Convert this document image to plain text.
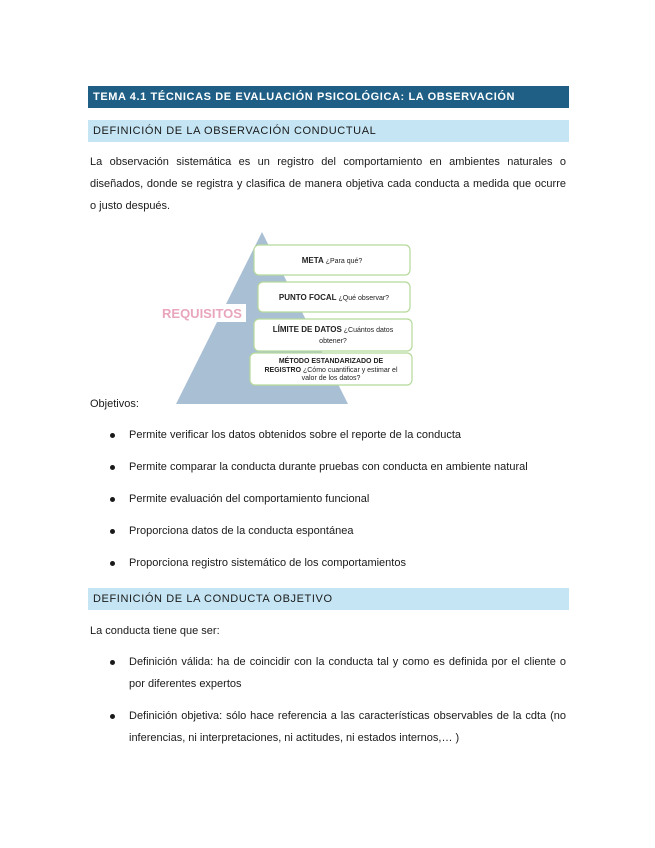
TEMA 4.1 TÉCNICAS DE EVALUACIÓN PSICOLÓGICA: LA OBSERVACIÓN
DEFINICIÓN DE LA OBSERVACIÓN CONDUCTUAL

La observación sistemática es un registro del comportamiento en ambientes naturales o diseñados, donde se registra y clasifica de manera objetiva cada conducta a medida que ocurre o justo después.

REQUISITOS
META ¿Para qué?
PUNTO FOCAL ¿Qué observar?
LÍMITE DE DATOS ¿Cuántos datos
obtener?
MÉTODO ESTANDARIZADO DE
REGISTRO ¿Cómo cuantificar y estimar el
valor de los datos?

Objetivos:

Permite verificar los datos obtenidos sobre el reporte de la conducta
Permite comparar la conducta durante pruebas con conducta en ambiente natural
Permite evaluación del comportamiento funcional
Proporciona datos de la conducta espontánea
Proporciona registro sistemático de los comportamientos
DEFINICIÓN DE LA CONDUCTA OBJETIVO

La conducta tiene que ser:

Definición válida: ha de coincidir con la conducta tal y como es definida por el cliente o por diferentes expertos
Definición objetiva: sólo hace referencia a las características observables de la cdta (no inferencias, ni interpretaciones, ni actitudes, ni estados internos,… )
